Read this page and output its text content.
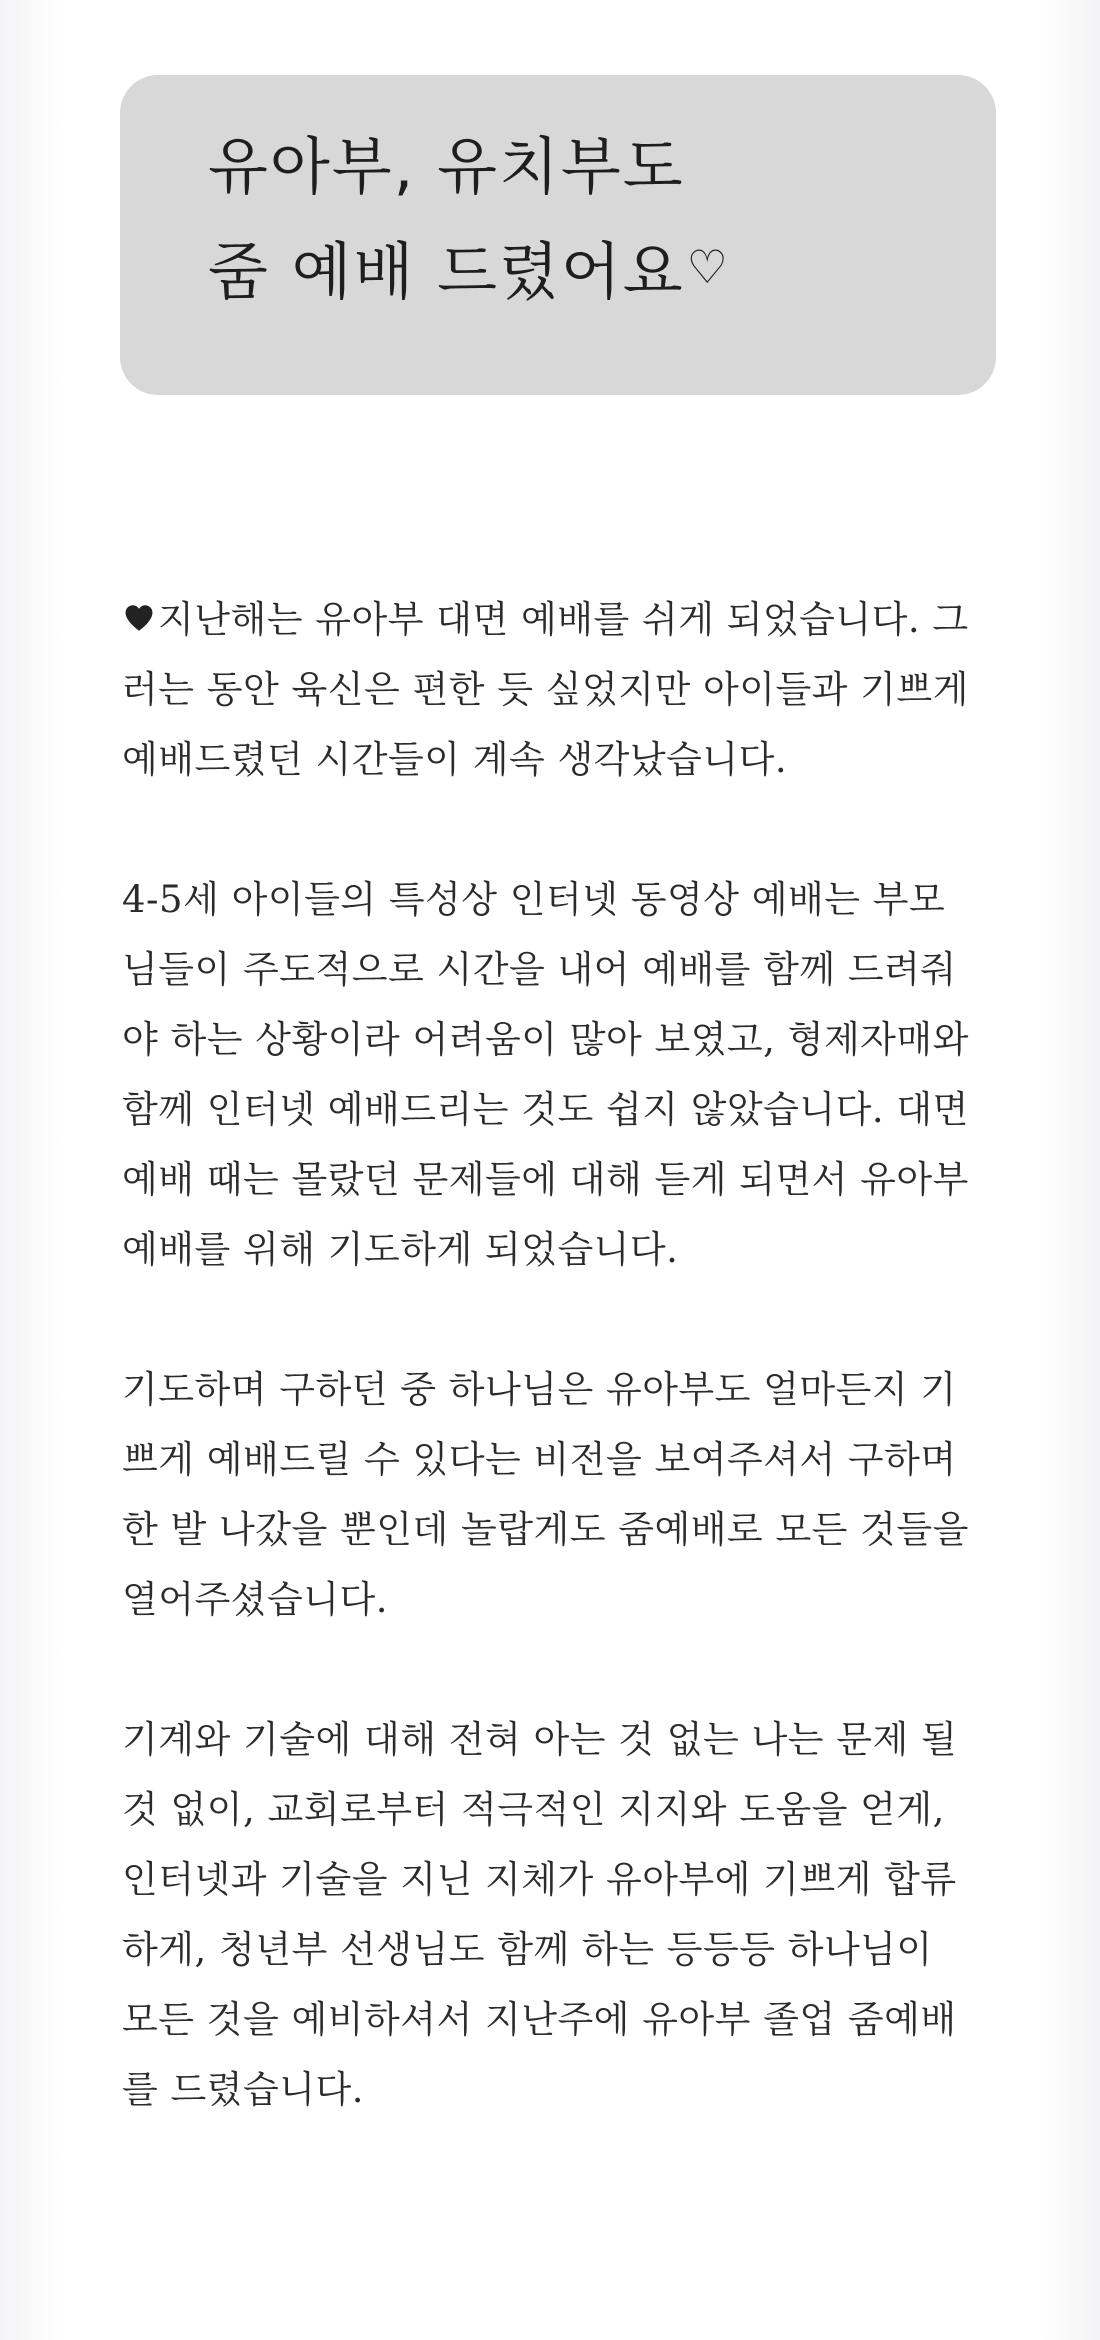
유아부, 유치부도
줌 예배 드렸어요♡
지난해는 유아부 대면 예배를 쉬게 되었습니다. 그
러는 동안 육신은 편한 듯 싶었지만 아이들과 기쁘게
예배드렸던 시간들이 계속 생각났습니다.
4-5세 아이들의 특성상 인터넷 동영상 예배는 부모
님들이 주도적으로 시간을 내어 예배를 함께 드려줘
야 하는 상황이라 어려움이 많아 보였고, 형제자매와
함께 인터넷 예배드리는 것도 쉽지 않았습니다. 대면
예배 때는 몰랐던 문제들에 대해 듣게 되면서 유아부
예배를 위해 기도하게 되었습니다.
기도하며 구하던 중 하나님은 유아부도 얼마든지 기
쁘게 예배드릴 수 있다는 비전을 보여주셔서 구하며
한 발 나갔을 뿐인데 놀랍게도 줌예배로 모든 것들을
열어주셨습니다.
기계와 기술에 대해 전혀 아는 것 없는 나는 문제 될
것 없이, 교회로부터 적극적인 지지와 도움을 얻게,
인터넷과 기술을 지닌 지체가 유아부에 기쁘게 합류
하게, 청년부 선생님도 함께 하는 등등등 하나님이
모든 것을 예비하셔서 지난주에 유아부 졸업 줌예배
를 드렸습니다.
